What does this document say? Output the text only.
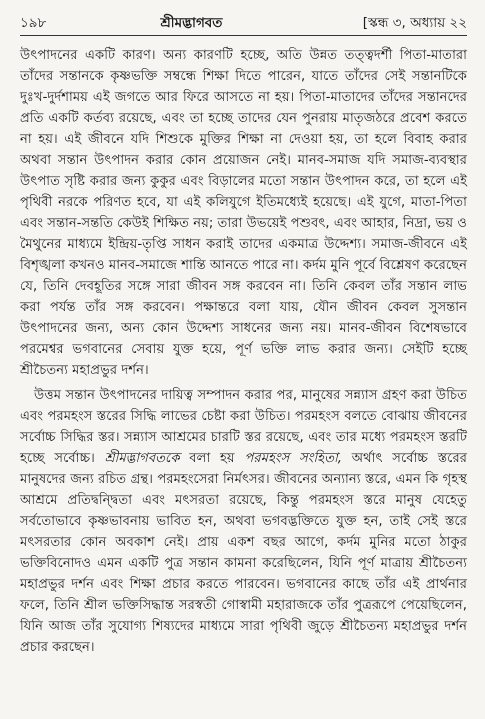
১৯৮	শ্রীমদ্ভাগবত	[স্কন্ধ ৩, অধ্যায় ২২

উৎপাদনের একটি কারণ। অন্য কারণটি হচ্ছে, অতি উন্নত তত্ত্বদর্শী পিতা-মাতারা তাঁদের সন্তানকে কৃষ্ণভক্তি সম্বন্ধে শিক্ষা দিতে পারেন, যাতে তাঁদের সেই সন্তানটিকে দুঃখ-দুর্দশাময় এই জগতে আর ফিরে আসতে না হয়। পিতা-মাতাদের তাঁদের সন্তানদের প্রতি একটি কর্তব্য রয়েছে, এবং তা হচ্ছে তাদের যেন পুনরায় মাতৃজঠরে প্রবেশ করতে না হয়। এই জীবনে যদি শিশুকে মুক্তির শিক্ষা না দেওয়া হয়, তা হলে বিবাহ করার অথবা সন্তান উৎপাদন করার কোন প্রয়োজন নেই। মানব-সমাজ যদি সমাজ-ব্যবস্থার উৎপাত সৃষ্টি করার জন্য কুকুর এবং বিড়ালের মতো সন্তান উৎপাদন করে, তা হলে এই পৃথিবী নরকে পরিণত হবে, যা এই কলিযুগে ইতিমধ্যেই হয়েছে। এই যুগে, মাতা-পিতা এবং সন্তান-সন্ততি কেউই শিক্ষিত নয়; তারা উভয়েই পশুবৎ, এবং আহার, নিদ্রা, ভয় ও মৈথুনের মাধ্যমে ইন্দ্রিয়-তৃপ্তি সাধন করাই তাদের একমাত্র উদ্দেশ্য। সমাজ-জীবনে এই বিশৃঙ্খলা কখনও মানব-সমাজে শান্তি আনতে পারে না। কর্দম মুনি পূর্বে বিশ্লেষণ করেছেন যে, তিনি দেবহূতির সঙ্গে সারা জীবন সঙ্গ করবেন না। তিনি কেবল তাঁর সন্তান লাভ করা পর্যন্ত তাঁর সঙ্গ করবেন। পক্ষান্তরে বলা যায়, যৌন জীবন কেবল সুসন্তান উৎপাদনের জন্য, অন্য কোন উদ্দেশ্য সাধনের জন্য নয়। মানব-জীবন বিশেষভাবে পরমেশ্বর ভগবানের সেবায় যুক্ত হয়ে, পূর্ণ ভক্তি লাভ করার জন্য। সেইটি হচ্ছে শ্রীচৈতন্য মহাপ্রভুর দর্শন।

উত্তম সন্তান উৎপাদনের দায়িত্ব সম্পাদন করার পর, মানুষের সন্ন্যাস গ্রহণ করা উচিত এবং পরমহংস স্তরের সিদ্ধি লাভের চেষ্টা করা উচিত। পরমহংস বলতে বোঝায় জীবনের সর্বোচ্চ সিদ্ধির স্তর। সন্ন্যাস আশ্রমের চারটি স্তর রয়েছে, এবং তার মধ্যে পরমহংস স্তরটি হচ্ছে সর্বোচ্চ। শ্রীমদ্ভাগবতকে বলা হয় পরমহংস সংহিতা, অর্থাৎ সর্বোচ্চ স্তরের মানুষদের জন্য রচিত গ্রন্থ। পরমহংসেরা নির্মৎসর। জীবনের অন্যান্য স্তরে, এমন কি গৃহস্থ আশ্রমে প্রতিদ্বন্দ্বিতা এবং মৎসরতা রয়েছে, কিন্তু পরমহংস স্তরে মানুষ যেহেতু সর্বতোভাবে কৃষ্ণভাবনায় ভাবিত হন, অথবা ভগবদ্ভক্তিতে যুক্ত হন, তাই সেই স্তরে মৎসরতার কোন অবকাশ নেই। প্রায় একশ বছর আগে, কর্দম মুনির মতো ঠাকুর ভক্তিবিনোদও এমন একটি পুত্র সন্তান কামনা করেছিলেন, যিনি পূর্ণ মাত্রায় শ্রীচৈতন্য মহাপ্রভুর দর্শন এবং শিক্ষা প্রচার করতে পারবেন। ভগবানের কাছে তাঁর এই প্রার্থনার ফলে, তিনি শ্রীল ভক্তিসিদ্ধান্ত সরস্বতী গোস্বামী মহারাজকে তাঁর পুত্ররূপে পেয়েছিলেন, যিনি আজ তাঁর সুযোগ্য শিষ্যদের মাধ্যমে সারা পৃথিবী জুড়ে শ্রীচৈতন্য মহাপ্রভুর দর্শন প্রচার করছেন।
